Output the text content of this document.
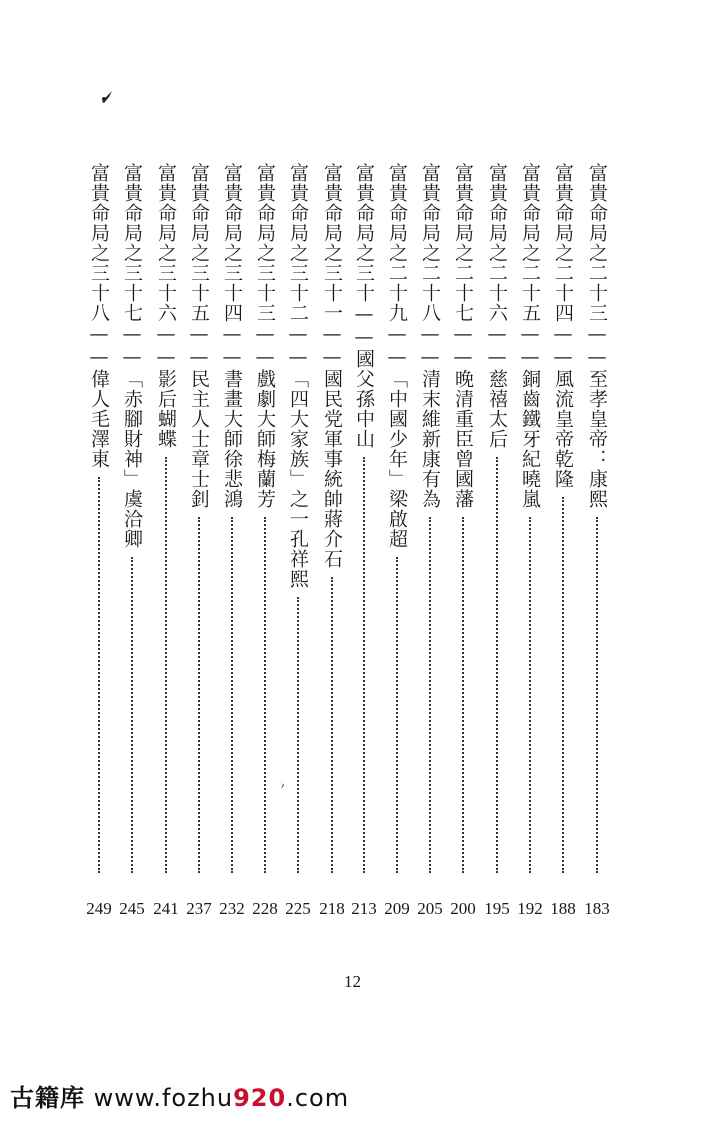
富貴命局之二十三——至孝皇帝：康熙
183
富貴命局之二十四——風流皇帝乾隆
188
富貴命局之二十五——銅齒鐵牙紀曉嵐
192
富貴命局之二十六——慈禧太后
195
富貴命局之二十七——晚清重臣曾國藩
200
富貴命局之二十八——清末維新康有為
205
富貴命局之二十九——「中國少年」梁啟超
209
富貴命局之三十——國父孫中山
213
富貴命局之三十一——國民党軍事統帥蔣介石
218
富貴命局之三十二——「四大家族」之一孔祥熙
225
富貴命局之三十三——戲劇大師梅蘭芳
228
富貴命局之三十四——書畫大師徐悲鴻
232
富貴命局之三十五——民主人士章士釗
237
富貴命局之三十六——影后蝴蝶
241
富貴命局之三十七——「赤腳財神」虞洽卿
245
富貴命局之三十八——偉人毛澤東
249
12
古籍库 www.fozhu920.com
